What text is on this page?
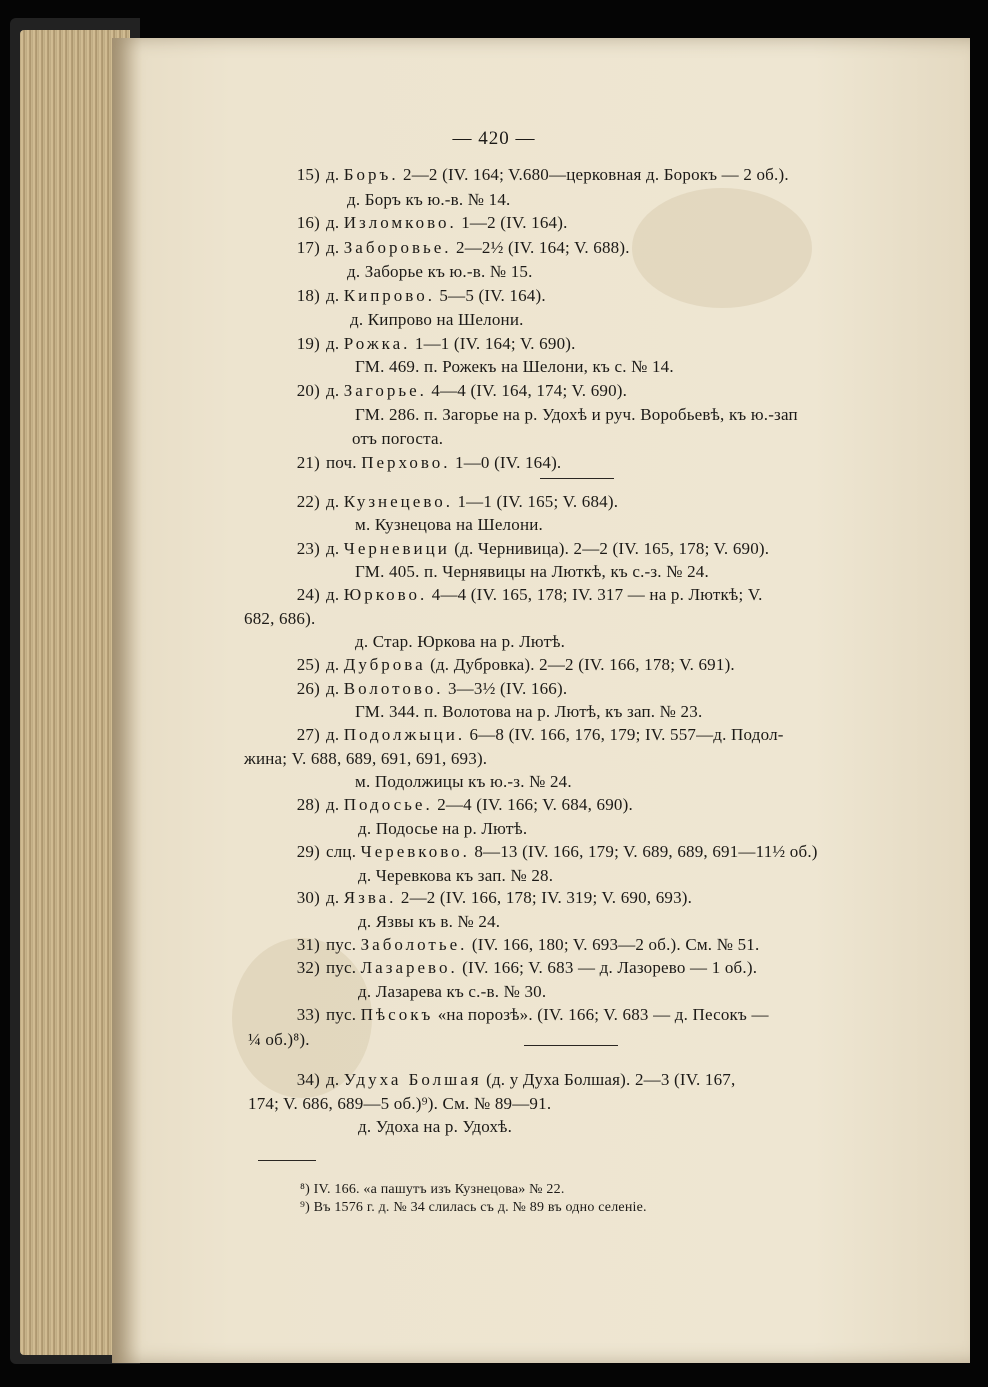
— 420 —
15) д. Боръ. 2—2 (IV. 164; V.680—церковная д. Борокъ — 2 об.).
д. Боръ къ ю.-в. № 14.
16) д. Изломково. 1—2 (IV. 164).
17) д. Заборовье. 2—2½ (IV. 164; V. 688).
д. Заборье къ ю.-в. № 15.
18) д. Кипрово. 5—5 (IV. 164).
д. Кипрово на Шелони.
19) д. Рожка. 1—1 (IV. 164; V. 690).
ГМ. 469. п. Рожекъ на Шелони, къ с. № 14.
20) д. Загорье. 4—4 (IV. 164, 174; V. 690).
ГМ. 286. п. Загорье на р. Удохѣ и руч. Воробьевѣ, къ ю.-зап
отъ погоста.
21) поч. Перхово. 1—0 (IV. 164).
22) д. Кузнецево. 1—1 (IV. 165; V. 684).
м. Кузнецова на Шелони.
23) д. Черневици (д. Чернивица). 2—2 (IV. 165, 178; V. 690).
ГМ. 405. п. Чернявицы на Люткѣ, къ с.-з. № 24.
24) д. Юрково. 4—4 (IV. 165, 178; IV. 317 — на р. Люткѣ; V.
682, 686).
д. Стар. Юркова на р. Лютѣ.
25) д. Дуброва (д. Дубровка). 2—2 (IV. 166, 178; V. 691).
26) д. Волотово. 3—3½ (IV. 166).
ГМ. 344. п. Волотова на р. Лютѣ, къ зап. № 23.
27) д. Подолжыци. 6—8 (IV. 166, 176, 179; IV. 557—д. Подол-
жина; V. 688, 689, 691, 691, 693).
м. Подолжицы къ ю.-з. № 24.
28) д. Подосье. 2—4 (IV. 166; V. 684, 690).
д. Подосье на р. Лютѣ.
29) слц. Черевково. 8—13 (IV. 166, 179; V. 689, 689, 691—11½ об.)
д. Черевкова къ зап. № 28.
30) д. Язва. 2—2 (IV. 166, 178; IV. 319; V. 690, 693).
д. Язвы къ в. № 24.
31) пус. Заболотье. (IV. 166, 180; V. 693—2 об.). См. № 51.
32) пус. Лазарево. (IV. 166; V. 683 — д. Лазорево — 1 об.).
д. Лазарева къ с.-в. № 30.
33) пус. Пѣсокъ «на порозѣ». (IV. 166; V. 683 — д. Песокъ —
¼ об.)⁸).
34) д. Удуха Болшая (д. у Духа Болшая). 2—3 (IV. 167,
174; V. 686, 689—5 об.)⁹). См. № 89—91.
д. Удоха на р. Удохѣ.
⁸) IV. 166. «а пашутъ изъ Кузнецова» № 22.
⁹) Въ 1576 г. д. № 34 слилась съ д. № 89 въ одно селеніе.
